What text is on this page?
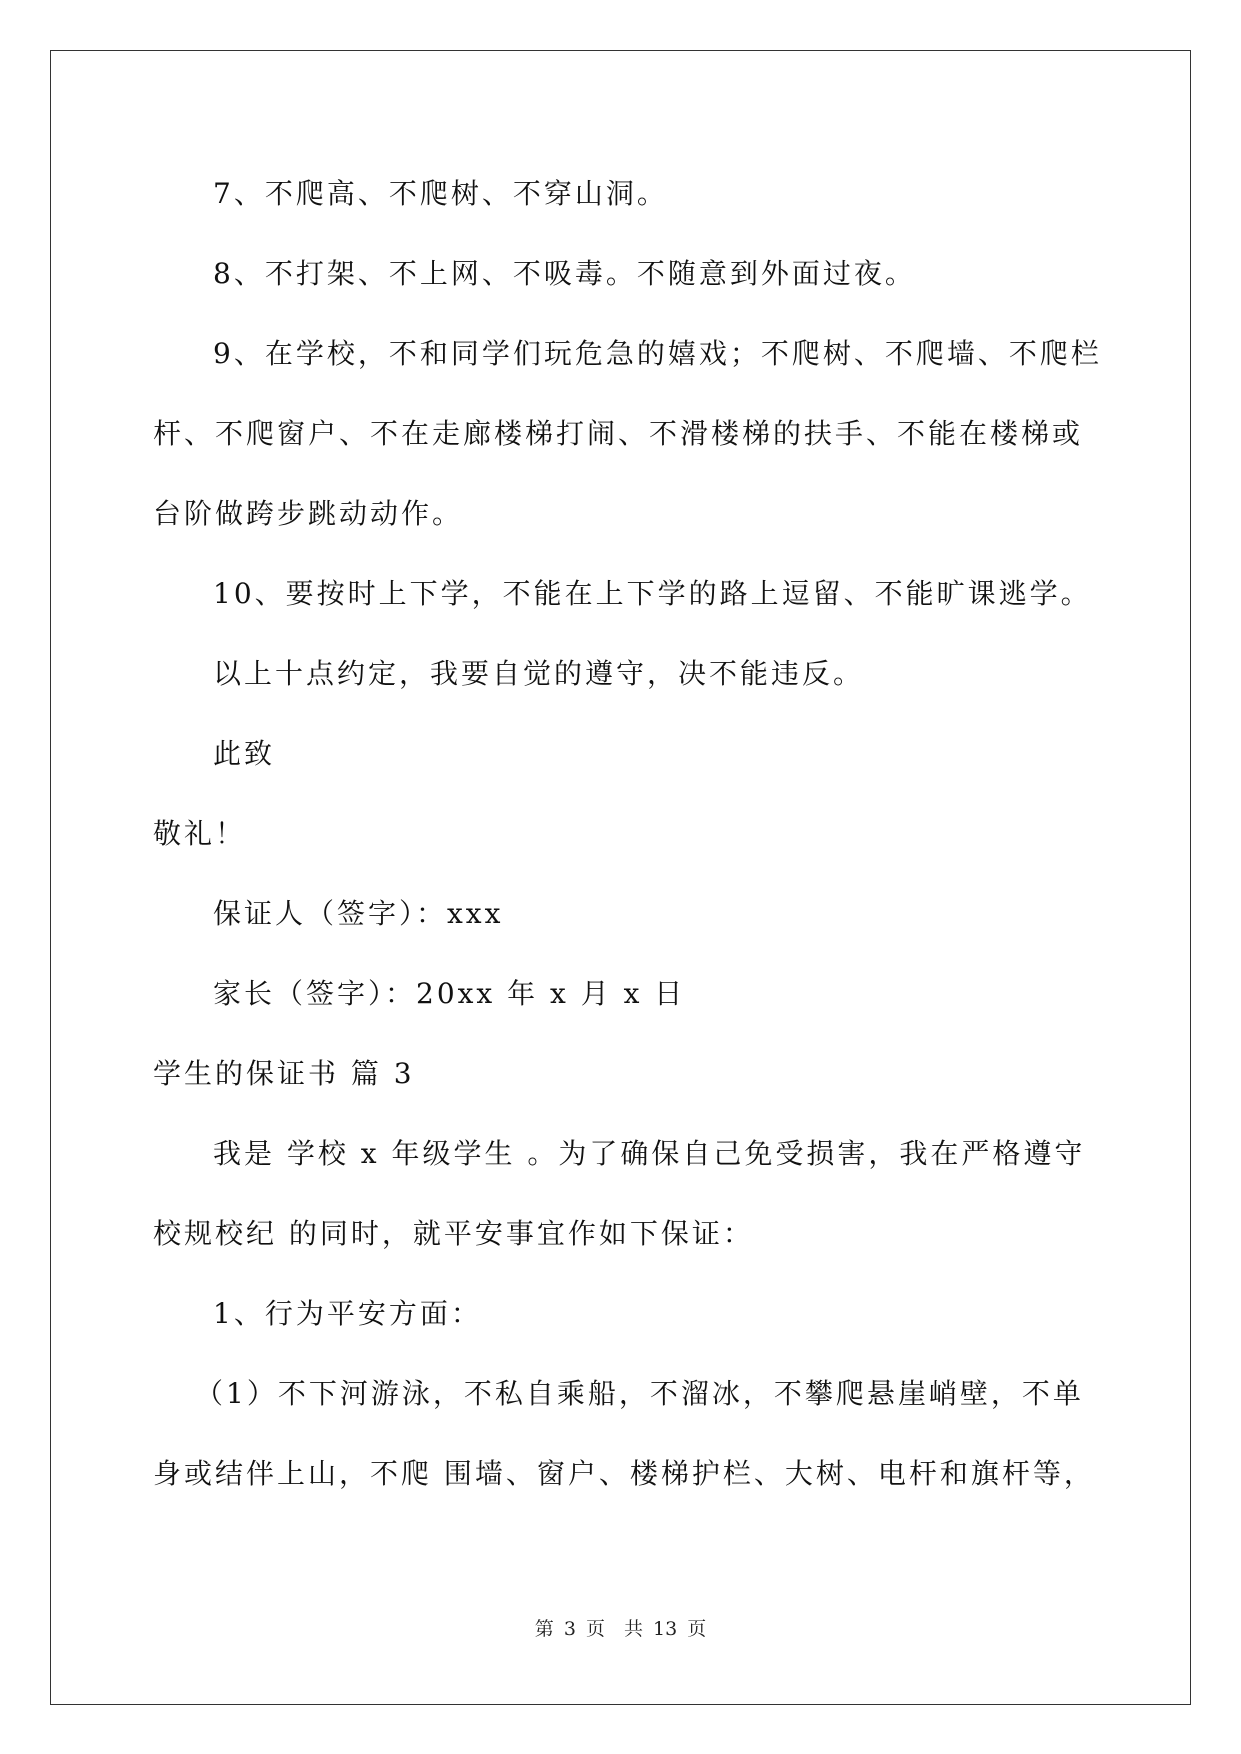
7、不爬高、不爬树、不穿山洞。
8、不打架、不上网、不吸毒。不随意到外面过夜。
9、在学校，不和同学们玩危急的嬉戏；不爬树、不爬墙、不爬栏
杆、不爬窗户、不在走廊楼梯打闹、不滑楼梯的扶手、不能在楼梯或
台阶做跨步跳动动作。
10、要按时上下学，不能在上下学的路上逗留、不能旷课逃学。
以上十点约定，我要自觉的遵守，决不能违反。
此致
敬礼！
保证人（签字）：xxx
家长（签字）：20xx 年 x 月 x 日
学生的保证书 篇 3
我是 学校 x 年级学生 。为了确保自己免受损害，我在严格遵守
校规校纪 的同时，就平安事宜作如下保证：
1、行为平安方面：
（1）不下河游泳，不私自乘船，不溜冰，不攀爬悬崖峭壁，不单
身或结伴上山，不爬 围墙、窗户、楼梯护栏、大树、电杆和旗杆等，
第 3 页　共 13 页
